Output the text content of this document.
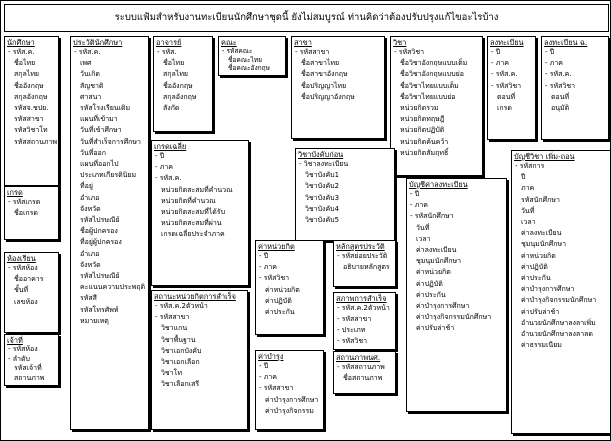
ระบบแฟ้มสำหรับงานทะเบียนนักศึกษาชุดนี้ ยังไม่สมบูรณ์ ท่านคิดว่าต้องปรับปรุงแก้ไขอะไรบ้าง
นักศึกษา
- รหัส.ค.
ชื่อไทย
สกุลไทย
ชื่ออังกฤษ
สกุลอังกฤษ
รหัสจ.ชปย.
รหัสสาขา
รหัสวิชาโท
รหัสสถานภาพ
ประวัตินักศึกษา
- รหัส.ค.
เพศ
วันเกิด
สัญชาติ
ศาสนา
รหัสโรงเรียนเดิม
แผนที่เข้ามา
วันที่เข้าศึกษา
วันที่สำเร็จการศึกษา
วันที่ออก
แผนที่ออกไป
ประเภทเกียรตินิยม
ที่อยู่
อำเภอ
จังหวัด
รหัสไปรษณีย์
ชื่อผู้ปกครอง
ที่อยู่ผู้ปกครอง
อำเภอ
จังหวัด
รหัสไปรษณีย์
คะแนนความประพฤติ
รหัสสี
รหัสโทรศัพท์
หมายเหตุ
อาจารย์
- รหัส.
ชื่อไทย
สกุลไทย
ชื่ออังกฤษ
สกุลอังกฤษ
สังกัด
คณะ
- รหัสคณะ
ชื่อคณะไทย
ชื่อคณะอังกฤษ
สาขา
- รหัสสาขา
ชื่อสาขาไทย
ชื่อสาขาอังกฤษ
ชื่อปริญญาไทย
ชื่อปริญญาอังกฤษ
วิชา
- รหัสวิชา
ชื่อวิชาอังกฤษแบบเต็ม
ชื่อวิชาอังกฤษแบบย่อ
ชื่อวิชาไทยแบบเต็ม
ชื่อวิชาไทยแบบย่อ
หน่วยกิตรวม
หน่วยกิตทฤษฎี
หน่วยกิตปฏิบัติ
หน่วยกิตค้นคว้า
หน่วยกิตสัมฤทธิ์
ลงทะเบียน
- ปี
- ภาค
- รหัส.ค.
- รหัสวิชา
ตอนที่
เกรด
ลงทะเบียน ฉ.
- ปี
- ภาค
- รหัส.ค.
- รหัสวิชา
ตอนที่
อนุมัติ
เกรดเฉลี่ย
- ปี
- ภาค
- รหัส.ค.
หน่วยกิตสะสมที่คำนวณ
หน่วยกิตที่คำนวณ
หน่วยกิตสะสมที่ได้รับ
หน่วยกิตสะสมที่ผ่าน
เกรดเฉลี่ยประจำภาค
วิชาบังคับก่อน
- วิชาลงทะเบียน
วิชาบังคับ1
วิชาบังคับ2
วิชาบังคับ3
วิชาบังคับ4
วิชาบังคับ5
บัญชีวิชา เพิ่ม-ถอน
- รหัสการ
ปี
ภาค
รหัสนักศึกษา
วันที่
เวลา
ค่าลงทะเบียน
ชุมนุมนักศึกษา
ค่าหน่วยกิต
ค่าปฏิบัติ
ค่าประกัน
ค่าบำรุงการศึกษา
ค่าบำรุงกิจกรรมนักศึกษา
ค่าปรับล่าช้า
อำนวยนักศึกษาลงลาเพิ่ม
อำนวยนักศึกษาลงลาลด
ค่าธรรมเนียม
บัญชีค่าลงทะเบียน
- ปี
- ภาค
- รหัสนักศึกษา
วันที่
เวลา
ค่าลงทะเบียน
ชุมนุมนักศึกษา
ค่าหน่วยกิต
ค่าปฏิบัติ
ค่าประกัน
ค่าบำรุงการศึกษา
ค่าบำรุงกิจกรรมนักศึกษา
ค่าปรับล่าช้า
เกรด
- รหัสเกรด
ชื่อเกรด
ห้องเรียน
- รหัสห้อง
ชื่ออาคาร
ชั้นที่
เลขห้อง
เจ้าที่
- รหัสห้อง
- ลำดับ
รหัสเจ้าที่
สถานภาพ
สถานะหน่วยกิตการสำเร็จ
- รหัส.ค.2ตัวหน้า
- รหัสสาขา
วิชาแกน
วิชาพื้นฐาน
วิชาเอกบังคับ
วิชาเอกเลือก
วิชาโท
วิชาเลือกเสรี
ค่าหน่วยกิต
- ปี
- ภาค
- รหัสวิชา
ค่าหน่วยกิต
ค่าปฏิบัติ
ค่าประกัน
หลักสูตรประวัติ
- รหัสย่อยประวัติ
อธิบายหลักสูตร
สภาพการสำเร็จ
- รหัส.ค.2ตัวหน้า
- รหัสสาขา
- ประเภท
- รหัสวิชา
ค่าบำรุง
- ปี
- ภาค
- รหัสสาขา
ค่าบำรุงการศึกษา
ค่าบำรุงกิจกรรม
สถานภาพนศ.
- รหัสสถานภาพ
ชื่อสถานภาพ
